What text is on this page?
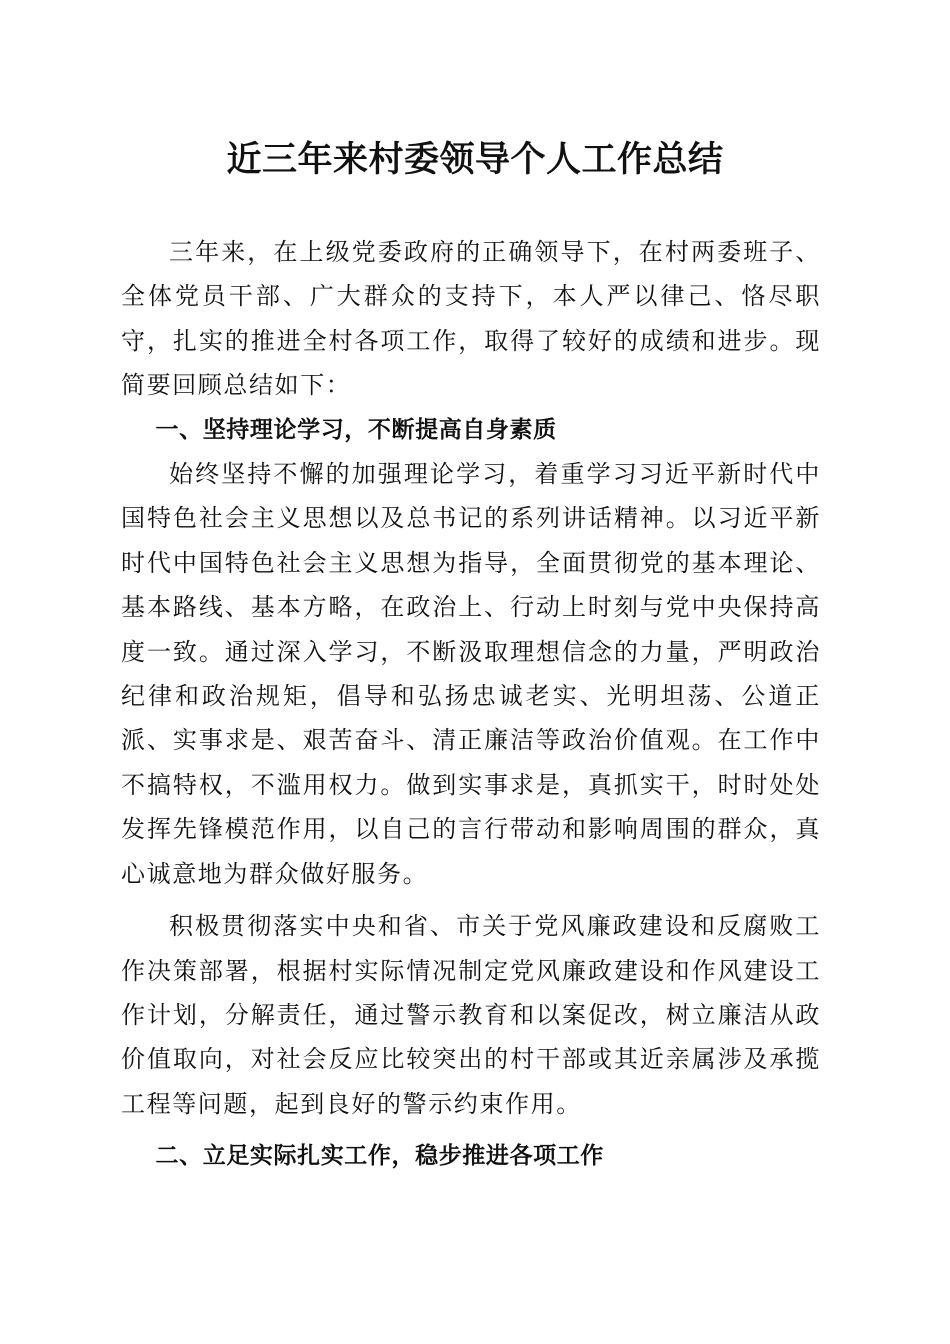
近三年来村委领导个人工作总结

三年来，在上级党委政府的正确领导下，在村两委班子、全体党员干部、广大群众的支持下，本人严以律己、恪尽职守，扎实的推进全村各项工作，取得了较好的成绩和进步。现简要回顾总结如下：

一、坚持理论学习，不断提高自身素质

始终坚持不懈的加强理论学习，着重学习习近平新时代中国特色社会主义思想以及总书记的系列讲话精神。以习近平新时代中国特色社会主义思想为指导，全面贯彻党的基本理论、基本路线、基本方略，在政治上、行动上时刻与党中央保持高度一致。通过深入学习，不断汲取理想信念的力量，严明政治纪律和政治规矩，倡导和弘扬忠诚老实、光明坦荡、公道正派、实事求是、艰苦奋斗、清正廉洁等政治价值观。在工作中不搞特权，不滥用权力。做到实事求是，真抓实干，时时处处发挥先锋模范作用，以自己的言行带动和影响周围的群众，真心诚意地为群众做好服务。

积极贯彻落实中央和省、市关于党风廉政建设和反腐败工作决策部署，根据村实际情况制定党风廉政建设和作风建设工作计划，分解责任，通过警示教育和以案促改，树立廉洁从政价值取向，对社会反应比较突出的村干部或其近亲属涉及承揽工程等问题，起到良好的警示约束作用。

二、立足实际扎实工作，稳步推进各项工作
